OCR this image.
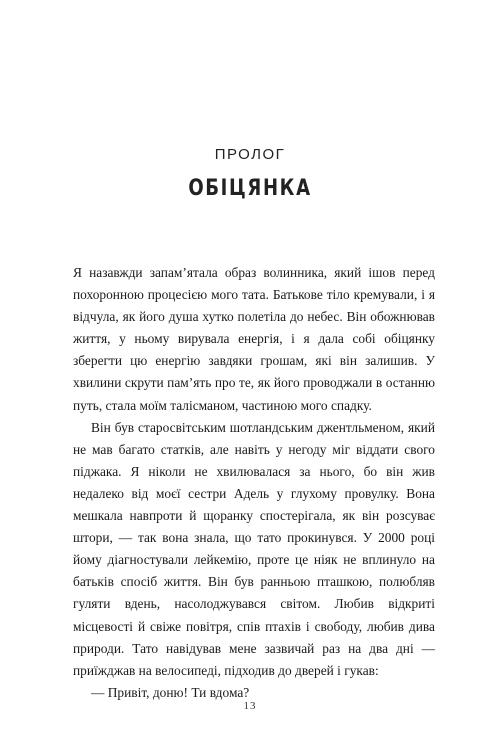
ПРОЛОГ
ОБІЦЯНКА

Я назавжди запам’ятала образ волинника, який ішов перед похоронною процесією мого тата. Батькове тіло кремували, і я відчула, як його душа хутко полетіла до небес. Він обожнював життя, у ньому вирувала енергія, і я дала собі обіцянку зберегти цю енергію завдяки грошам, які він залишив. У хвилини скрути пам’ять про те, як його проводжали в останню путь, стала моїм талісманом, частиною мого спадку.

Він був старосвітським шотландським джентльменом, який не мав багато статків, але навіть у негоду міг віддати свого піджака. Я ніколи не хвилювалася за нього, бо він жив недалеко від моєї сестри Адель у глухому провулку. Вона мешкала навпроти й щоранку спостерігала, як він розсуває штори, — так вона знала, що тато прокинувся. У 2000 році йому діагностували лейкемію, проте це ніяк не вплинуло на батьків спосіб життя. Він був ранньою пташкою, полюбляв гуляти вдень, насолоджувався світом. Любив відкриті місцевості й свіже повітря, спів птахів і свободу, любив дива природи. Тато навідував мене зазвичай раз на два дні — приїжджав на велосипеді, підходив до дверей і гукав:

— Привіт, доню! Ти вдома?

13
